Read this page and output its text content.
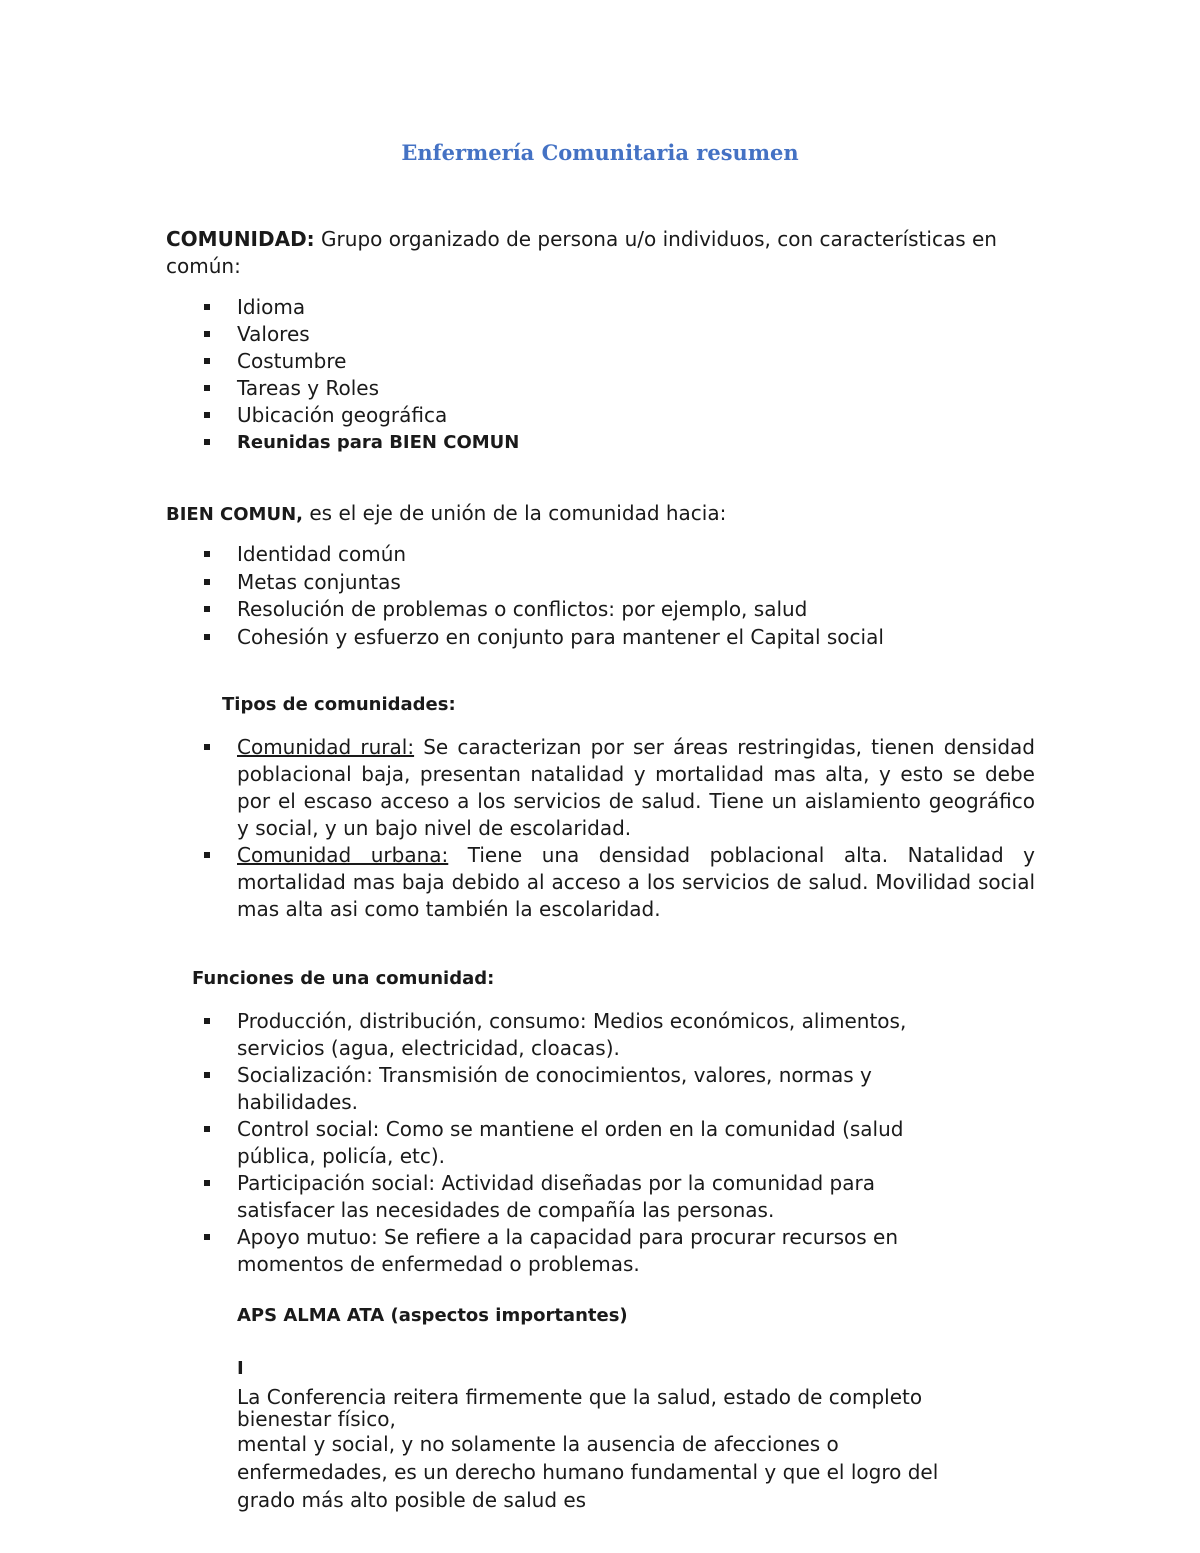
Enfermería Comunitaria resumen
COMUNIDAD: Grupo organizado de persona u/o individuos, con características en común:
Idioma
Valores
Costumbre
Tareas y Roles
Ubicación geográfica
Reunidas para BIEN COMUN
BIEN COMUN, es el eje de unión de la comunidad hacia:
Identidad común
Metas conjuntas
Resolución de problemas o conflictos: por ejemplo, salud
Cohesión y esfuerzo en conjunto para mantener el Capital social
Tipos de comunidades:
Comunidad rural: Se caracterizan por ser áreas restringidas, tienen densidad poblacional baja, presentan natalidad y mortalidad mas alta, y esto se debe por el escaso acceso a los servicios de salud. Tiene un aislamiento geográfico y social, y un bajo nivel de escolaridad.
Comunidad urbana: Tiene una densidad poblacional alta. Natalidad y mortalidad mas baja debido al acceso a los servicios de salud. Movilidad social mas alta asi como también la escolaridad.
Funciones de una comunidad:
Producción, distribución, consumo: Medios económicos, alimentos, servicios (agua, electricidad, cloacas).
Socialización: Transmisión de conocimientos, valores, normas y habilidades.
Control social: Como se mantiene el orden en la comunidad (salud pública, policía, etc).
Participación social: Actividad diseñadas por la comunidad para satisfacer las necesidades de compañía las personas.
Apoyo mutuo: Se refiere a la capacidad para procurar recursos en momentos de enfermedad o problemas.
APS ALMA ATA (aspectos importantes)
I
La Conferencia reitera firmemente que la salud, estado de completo
bienestar físico,
mental y social, y no solamente la ausencia de afecciones o
enfermedades, es un derecho humano fundamental y que el logro del
grado más alto posible de salud es
